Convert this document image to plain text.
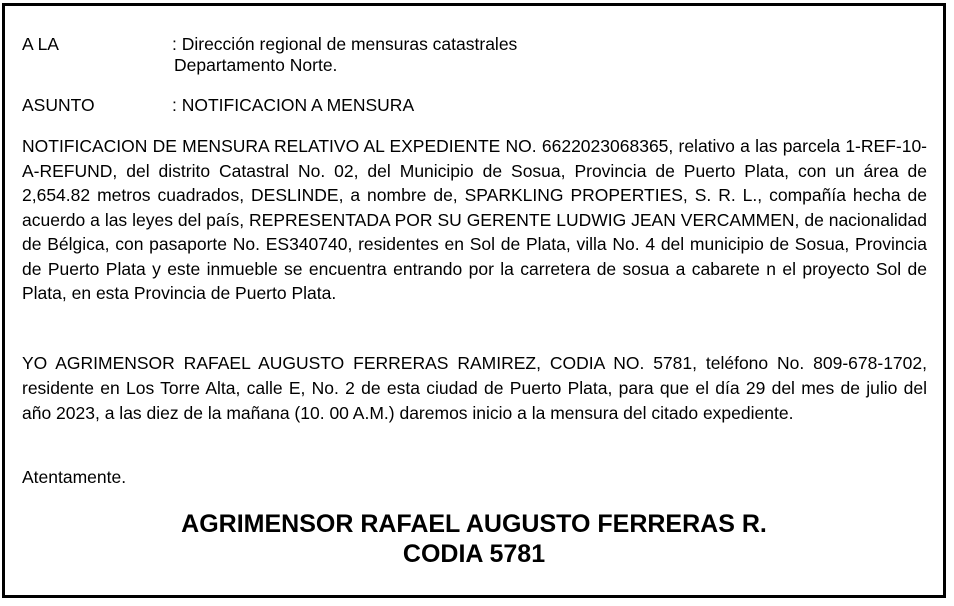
A LA	: Dirección regional de mensuras catastrales
Departamento Norte.
ASUNTO	: NOTIFICACION A MENSURA

NOTIFICACION DE MENSURA RELATIVO AL EXPEDIENTE NO. 6622023068365, relativo a las parcela 1-REF-10-A-REFUND, del distrito Catastral No. 02, del Municipio de Sosua, Provincia de Puerto Plata, con un área de 2,654.82 metros cuadrados, DESLINDE, a nombre de, SPARKLING PROPERTIES, S. R. L., compañía hecha de acuerdo a las leyes del país, REPRESENTADA POR SU GERENTE LUDWIG JEAN VERCAMMEN, de nacionalidad de Bélgica, con pasaporte No. ES340740, residentes en Sol de Plata, villa No. 4 del municipio de Sosua, Provincia de Puerto Plata y este inmueble se encuentra entrando por la carretera de sosua a cabarete n el proyecto Sol de Plata, en esta Provincia de Puerto Plata.

YO AGRIMENSOR RAFAEL AUGUSTO FERRERAS RAMIREZ, CODIA NO. 5781, teléfono No. 809-678-1702, residente en Los Torre Alta, calle E, No. 2 de esta ciudad de Puerto Plata, para que el día 29 del mes de julio del año 2023, a las diez de la mañana (10. 00 A.M.) daremos inicio a la mensura del citado expediente.

Atentamente.
AGRIMENSOR RAFAEL AUGUSTO FERRERAS R.
CODIA 5781
